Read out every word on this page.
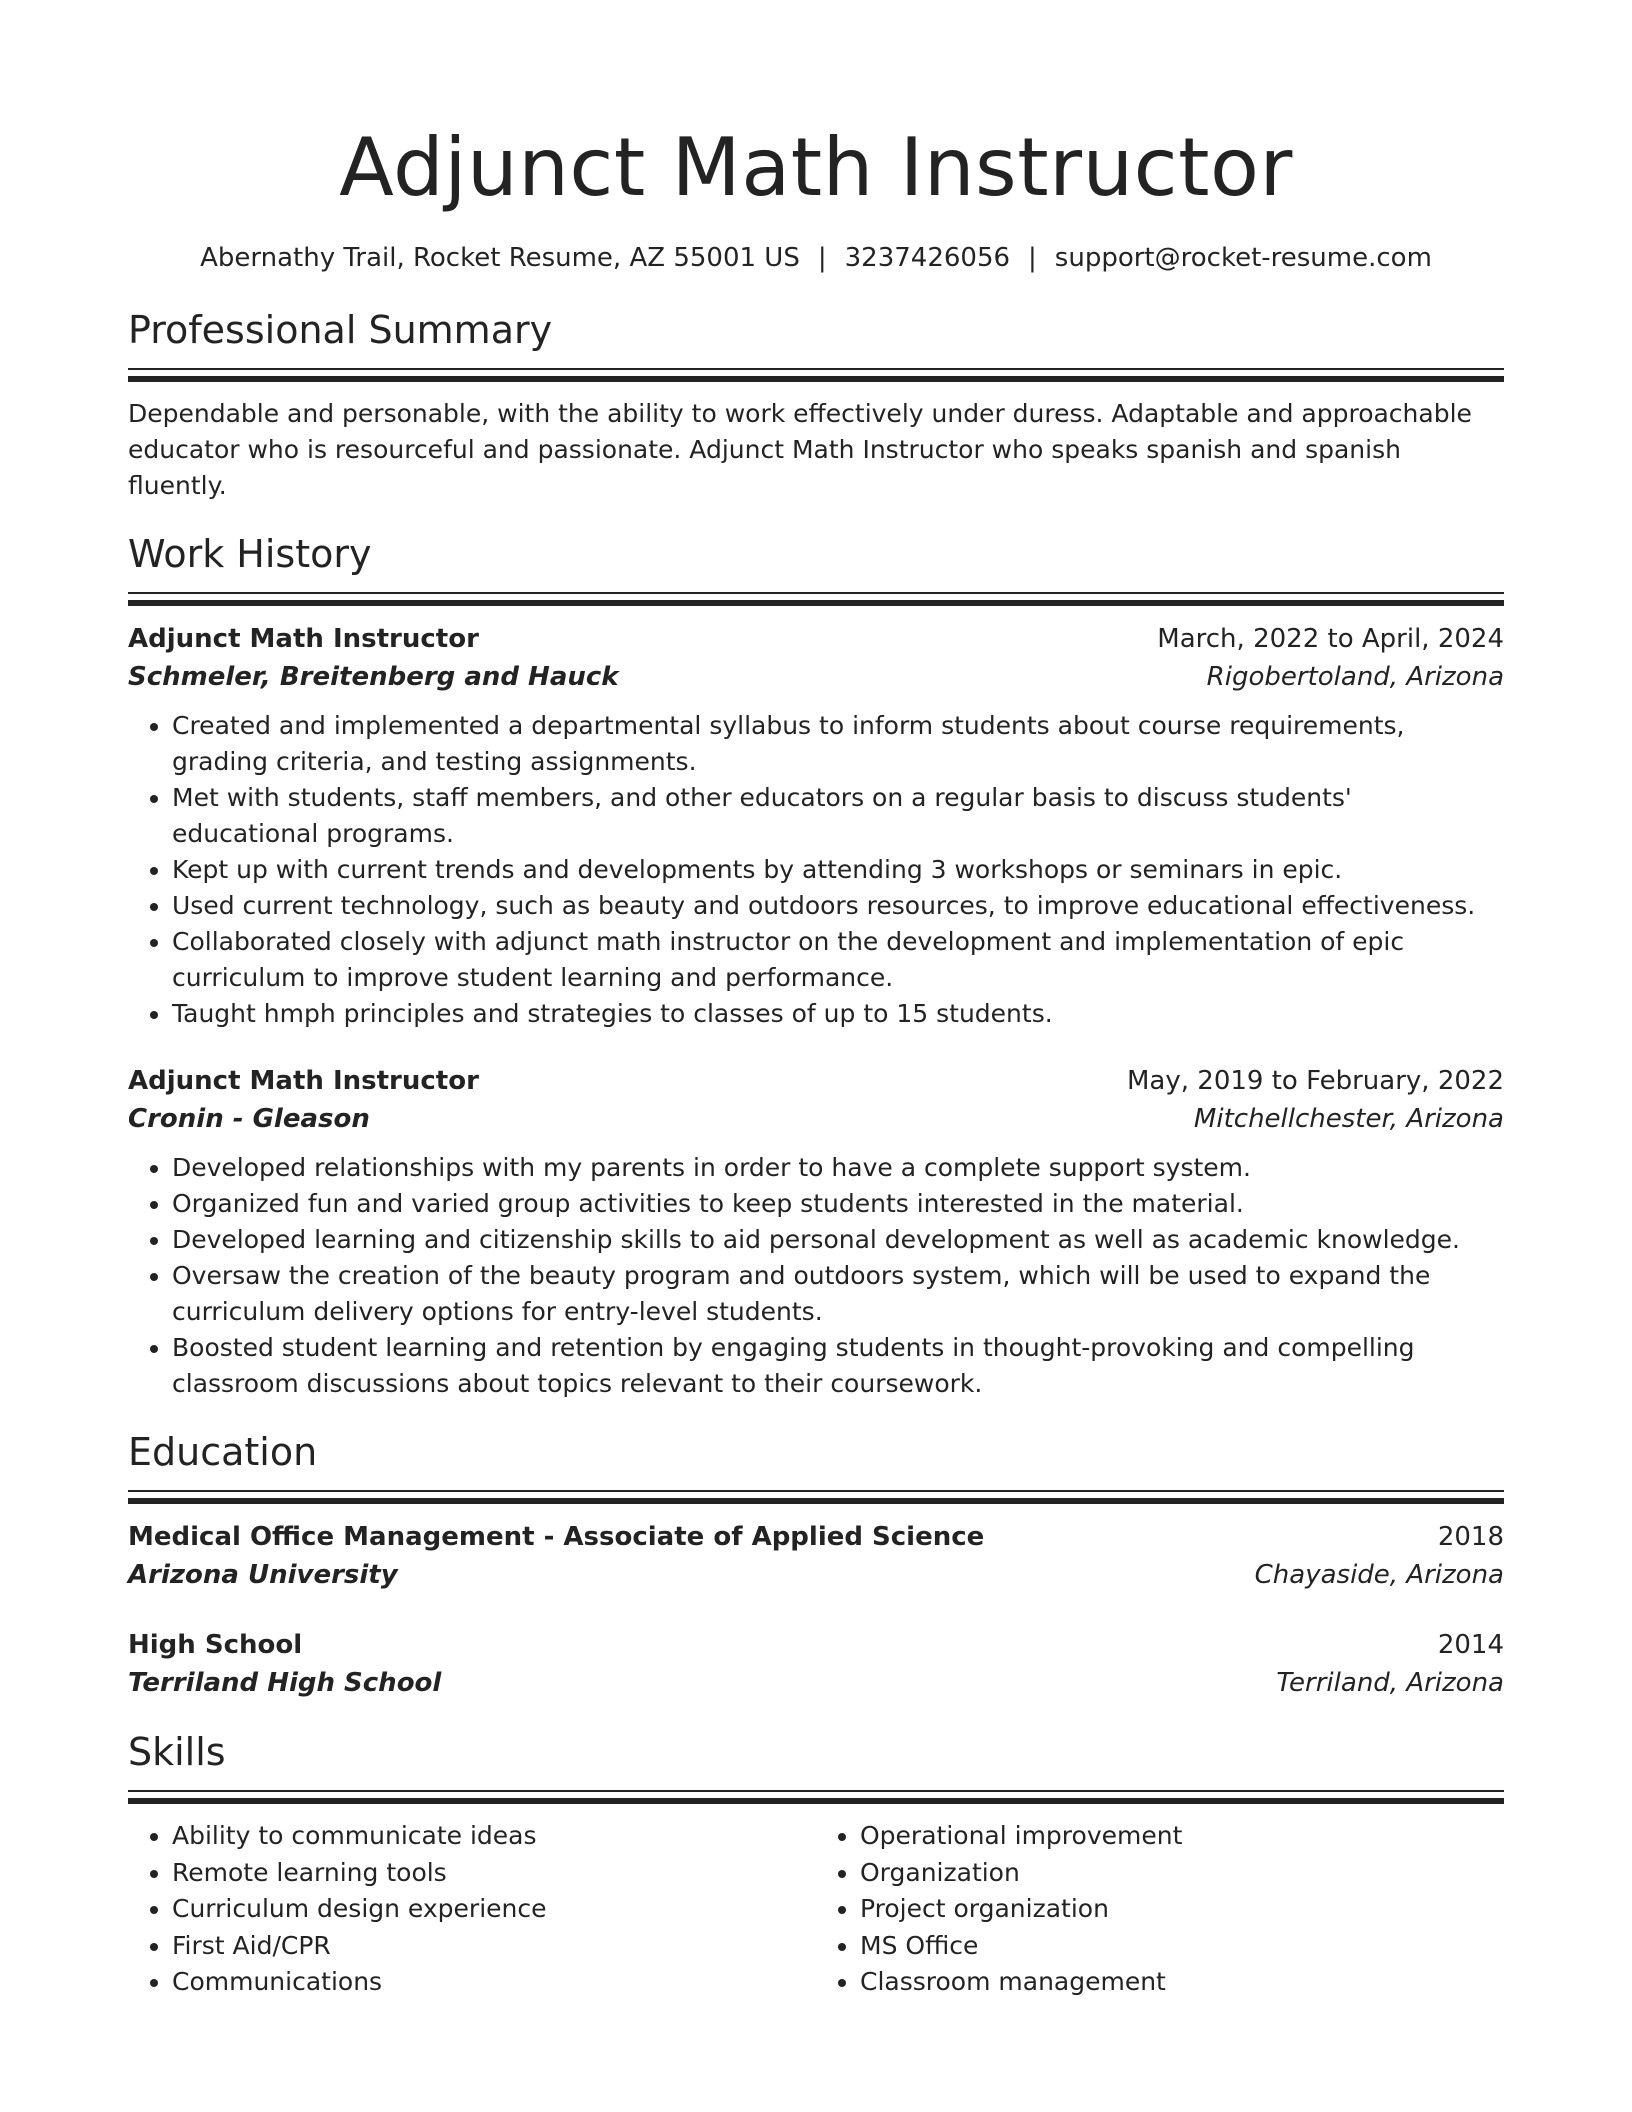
Adjunct Math Instructor
Abernathy Trail, Rocket Resume, AZ 55001 US | 3237426056 | support@rocket-resume.com
Professional Summary
Dependable and personable, with the ability to work effectively under duress. Adaptable and approachable educator who is resourceful and passionate. Adjunct Math Instructor who speaks spanish and spanish fluently.
Work History
Adjunct Math Instructor	March, 2022 to April, 2024
Schmeler, Breitenberg and Hauck	Rigobertoland, Arizona
• Created and implemented a departmental syllabus to inform students about course requirements, grading criteria, and testing assignments.
• Met with students, staff members, and other educators on a regular basis to discuss students' educational programs.
• Kept up with current trends and developments by attending 3 workshops or seminars in epic.
• Used current technology, such as beauty and outdoors resources, to improve educational effectiveness.
• Collaborated closely with adjunct math instructor on the development and implementation of epic curriculum to improve student learning and performance.
• Taught hmph principles and strategies to classes of up to 15 students.
Adjunct Math Instructor	May, 2019 to February, 2022
Cronin - Gleason	Mitchellchester, Arizona
• Developed relationships with my parents in order to have a complete support system.
• Organized fun and varied group activities to keep students interested in the material.
• Developed learning and citizenship skills to aid personal development as well as academic knowledge.
• Oversaw the creation of the beauty program and outdoors system, which will be used to expand the curriculum delivery options for entry-level students.
• Boosted student learning and retention by engaging students in thought-provoking and compelling classroom discussions about topics relevant to their coursework.
Education
Medical Office Management - Associate of Applied Science	2018
Arizona University	Chayaside, Arizona
High School	2014
Terriland High School	Terriland, Arizona
Skills
• Ability to communicate ideas
• Remote learning tools
• Curriculum design experience
• First Aid/CPR
• Communications
• Operational improvement
• Organization
• Project organization
• MS Office
• Classroom management
